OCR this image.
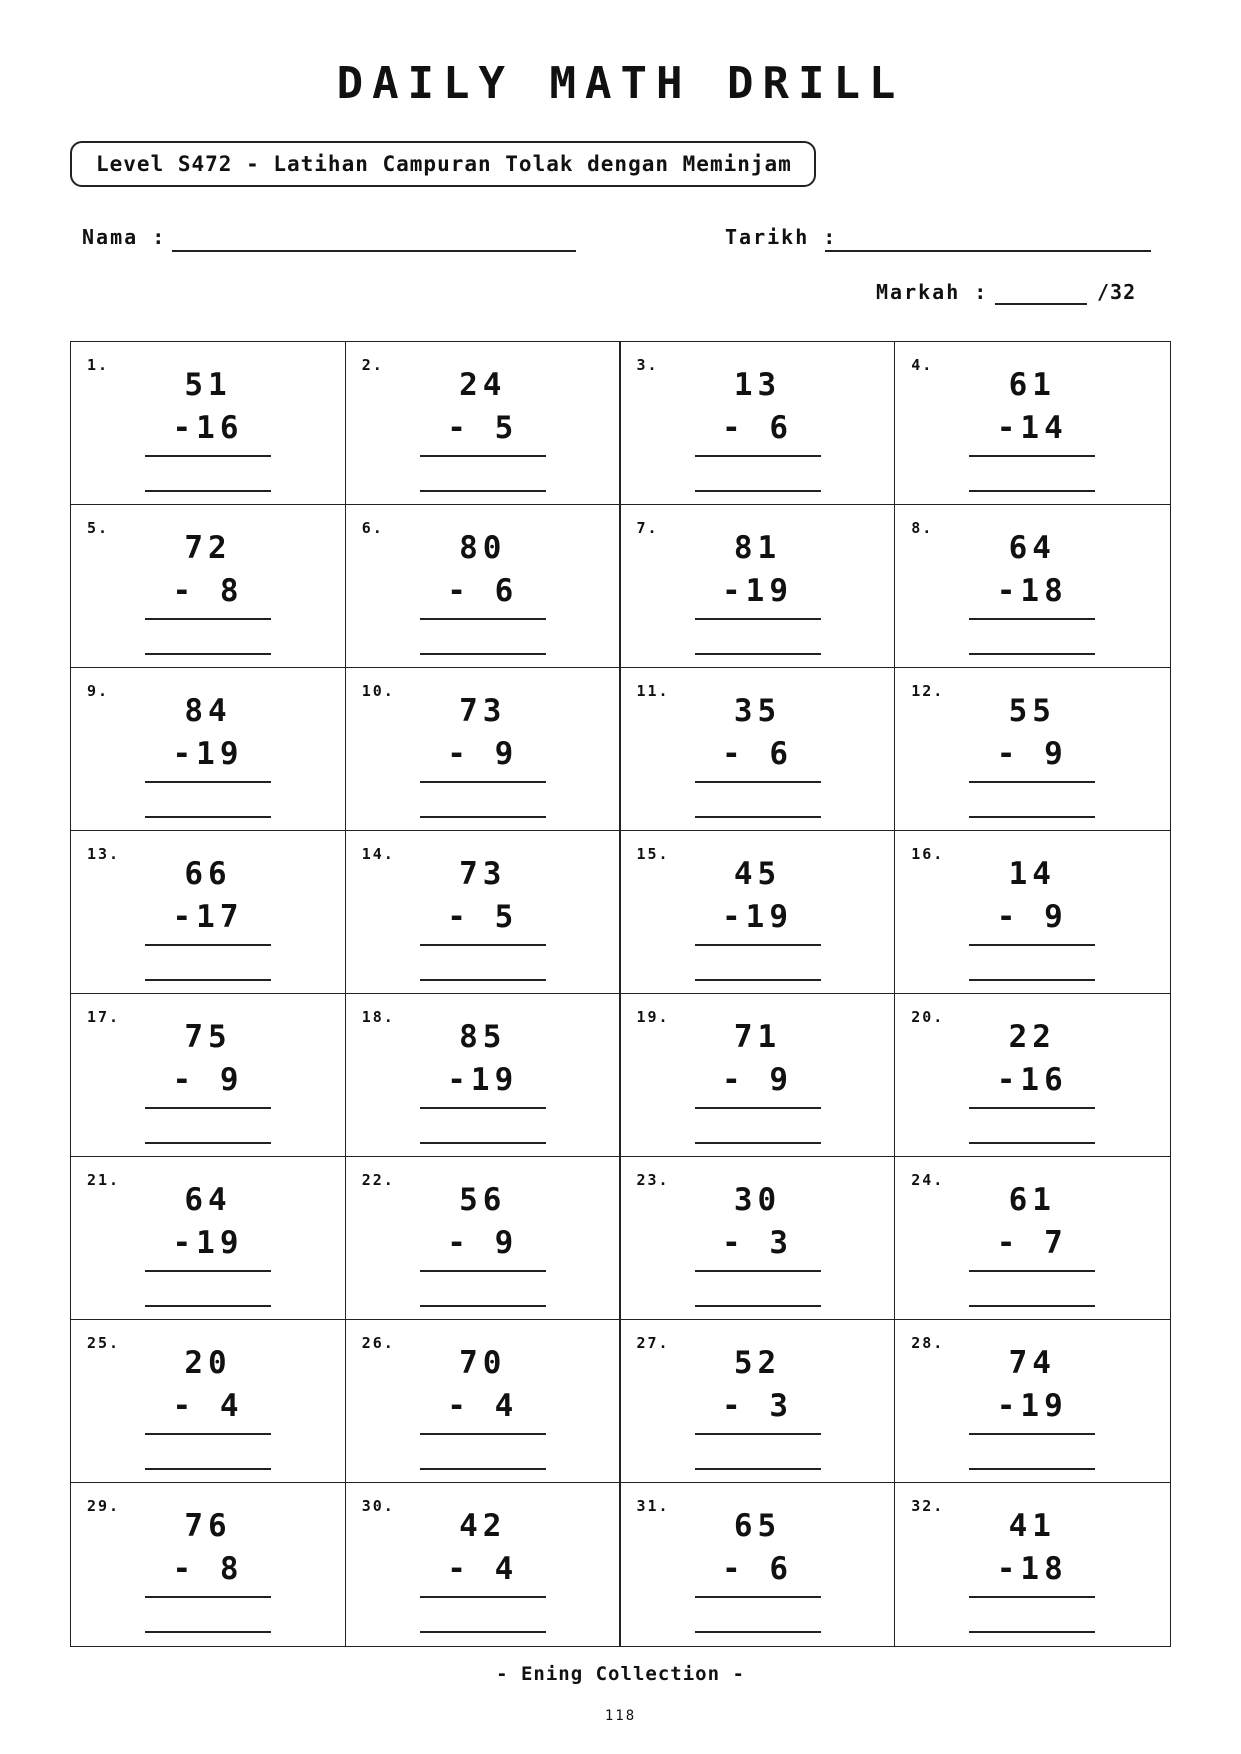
DAILY MATH DRILL
Level S472 - Latihan Campuran Tolak dengan Meminjam
Nama :	Tarikh :
Markah :	/32
1.
51
-16
2.
24
- 5
3.
13
- 6
4.
61
-14
5.
72
- 8
6.
80
- 6
7.
81
-19
8.
64
-18
9.
84
-19
10.
73
- 9
11.
35
- 6
12.
55
- 9
13.
66
-17
14.
73
- 5
15.
45
-19
16.
14
- 9
17.
75
- 9
18.
85
-19
19.
71
- 9
20.
22
-16
21.
64
-19
22.
56
- 9
23.
30
- 3
24.
61
- 7
25.
20
- 4
26.
70
- 4
27.
52
- 3
28.
74
-19
29.
76
- 8
30.
42
- 4
31.
65
- 6
32.
41
-18
- Ening Collection -
118
